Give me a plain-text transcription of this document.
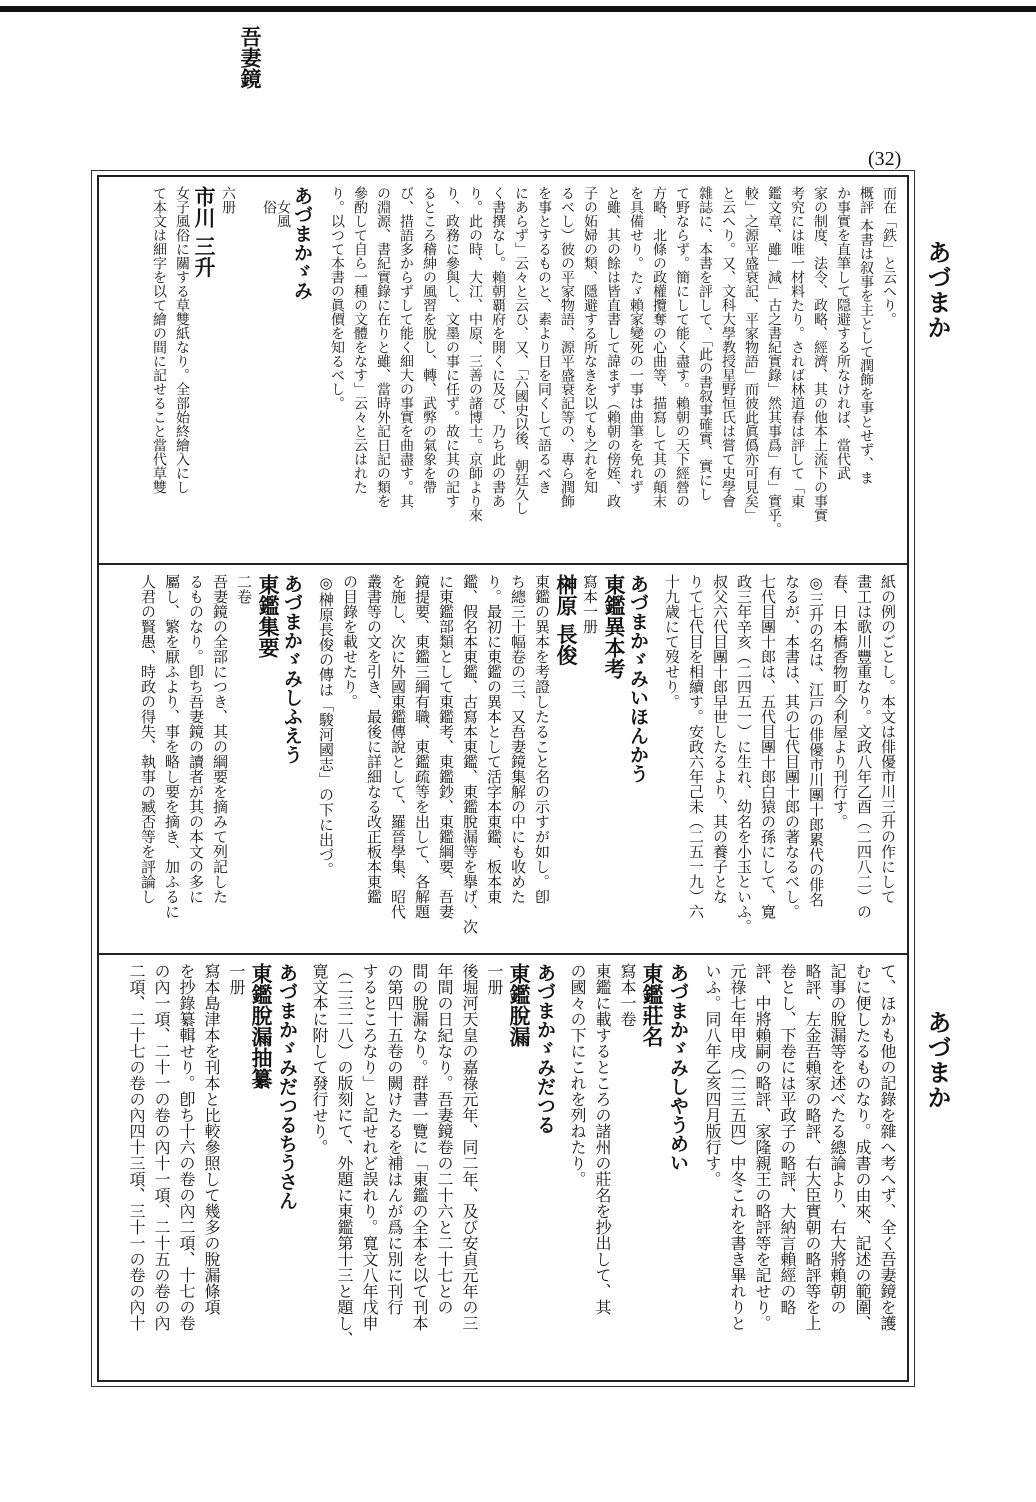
(32)
あづまか
あづまか
而在「鉄」と云へり。
概評 本書は叙事を主として潤飾を事とせず、ま
か事實を直筆して隠避する所なければ、當代武
家の制度、法令、政略、經濟、其の他本上流下の事實
考究には唯一材料たり。されば林道春は評して「東
鑑文章、雖」減」古之書紀實錄」然其事爲」有」實乎。
較」之源平盛衰記、平家物語」而彼此眞僞亦可見矣」
と云へり。又、文科大學教授星野恒氏は嘗て史學會
雜誌に、本書を評して、「此の書叙事確實、實にし
て野ならず。簡にして能く盡す。賴朝の天下經營の
方略、北條の政權攬奪の心曲等、描寫して其の顛末
を具備せり。たゞ賴家變死の一事は曲筆を免れず
と雖、其の餘は皆直書して諱まず（賴朝の傍姪、政
子の妬婦の類、隱避する所なきを以ても之れを知
るべし）彼の平家物語、源平盛衰記等の、專ら潤飾
を事とするものと、素より日を同くして語るべき
にあらず」云々と云ひ、又、「六國史以後、朝廷久し
く書撰なし。賴朝覇府を開くに及び、乃ち此の書あ
り。此の時、大江、中原、三善の諸博士。京師より來
り、政務に參與し、文墨の事に任ず。故に其の記す
るところ稽紳の風習を脫し、轉、武弊の氣象を帶
び、措語多からずして能く細大の事實を曲盡す。其
の淵源、書紀實錄に在りと雖、當時外記日記の類を
參酌して自ら一種の文體をなす」云々と云はれた
り。以つて本書の眞價を知るべし。
あづまかゞみ
女風
俗
吾妻鏡
六册
市川 三升
女子風俗に關する草雙紙なり。全部始終繪入にし
て本文は細字を以て繪の間に記せること當代草雙
紙の例のごとし。本文は俳優市川三升の作にして
畫工は歌川豐重なり。文政八年乙酉（二四八二）の
春、日本橋香物町今利屋より刊行す。
◎三升の名は、江戸の俳優市川團十郎累代の俳名
なるが、本書は、其の七代目團十郎の著なるべし。
七代目團十郎は、五代目團十郎白猿の孫にして、寛
政三年辛亥（二四五一）に生れ、幼名を小玉といふ。
叔父六代目團十郎早世したるより、其の養子とな
りて七代目を相續す。安政六年己未（二五一九）六
十九歳にて歿せり。
あづまかゞみいほんかう
東鑑異本考　
寫本一册
榊原 長俊
東鑑の異本を考證したること名の示すが如し。卽
ち總三十幅卷の三、又吾妻鏡集解の中にも收めた
り。最初に東鑑の異本として活字本東鑑、板本東
鑑、假名本東鑑、古寫本東鑑、東鑑脫漏等を擧げ、次
に東鑑部類として東鑑考、東鑑鈔、東鑑綱要、吾妻
鏡提要、東鑑三綱有職、東鑑疏等を出して、各解題
を施し、次に外國東鑑傳說として、羅晉學集、昭代
叢書等の文を引き、最後に詳細なる改正板本東鑑
の目錄を載せたり。
◎榊原長俊の傳は「駿河國志」の下に出づ。
あづまかゞみしふえう
東鑑集要
二卷
吾妻鏡の全部につき、其の綱要を摘みて列記した
るものなり。卽ち吾妻鏡の讀者が其の本文の多に
屬し、繁を厭ふより、事を略し要を摘き、加ふるに
人君の賢愚、時政の得失、執事の臧否等を評論し
て、ほかも他の記錄を雜へ考へず、全く吾妻鏡を護
むに便したるものなり。成書の由來、記述の範圍、
記事の脫漏等を述べたる總論より、右大將賴朝の
略評、左金吾賴家の略評、右大臣實朝の略評等を上
卷とし、下卷には平政子の略評、大納言賴經の略
評、中將賴嗣の略評、家隆親王の略評等を記せり。
元祿七年甲戌（二三五四）中冬これを書き畢れりと
いふ。同八年乙亥四月版行す。
あづまかゞみしやうめい
東鑑莊名
寫本一卷
東鑑に載するところの諸州の莊名を抄出して、其
の國々の下にこれを列ねたり。
あづまかゞみだつる
東鑑脫漏
一册
後堀河天皇の嘉祿元年、同二年、及び安貞元年の三
年間の日紀なり。吾妻鏡卷の二十六と二十七との
間の脫漏なり。群書一覽に「東鑑の全本を以て刊本
の第四十五卷の闕けたるを補はんが爲に別に刊行
するところなり」と記せれど誤れり。寬文八年戊申
（二三二八）の版刻にて、外題に東鑑第十三と題し、
寛文本に附して發行せり。
あづまかゞみだつるちうさん
東鑑脫漏抽纂
一册
寫本島津本を刊本と比較參照して幾多の脫漏條項
を抄錄纂輯せり。卽ち十六の卷の內二項、十七の卷
の內一項、二十一の卷の內十一項、二十五の卷の內
二項、二十七の卷の內四十三項、三十一の卷の內十
